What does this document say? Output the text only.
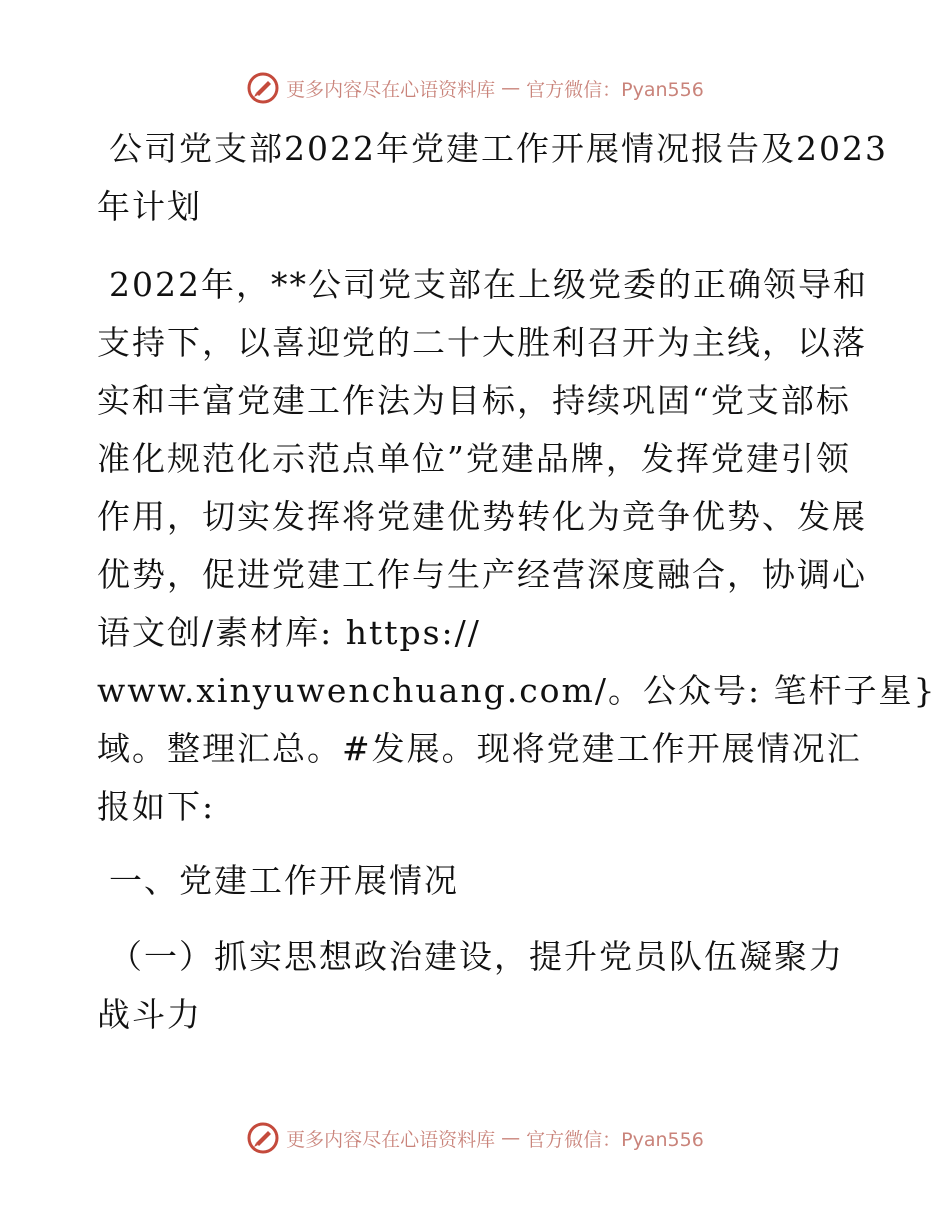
更多内容尽在心语资料库 — 官方微信：Pyan556
公司党支部2022年党建工作开展情况报告及2023
年计划
2022年，**公司党支部在上级党委的正确领导和
支持下，以喜迎党的二十大胜利召开为主线，以落
实和丰富党建工作法为目标，持续巩固“党支部标
准化规范化示范点单位”党建品牌，发挥党建引领
作用，切实发挥将党建优势转化为竞争优势、发展
优势，促进党建工作与生产经营深度融合，协调心
语文创/素材库: https://
www.xinyuwenchuang.com/。公众号: 笔杆子星}
域。整理汇总。#发展。现将党建工作开展情况汇
报如下:
一、党建工作开展情况
（一）抓实思想政治建设，提升党员队伍凝聚力
战斗力
更多内容尽在心语资料库 — 官方微信：Pyan556
